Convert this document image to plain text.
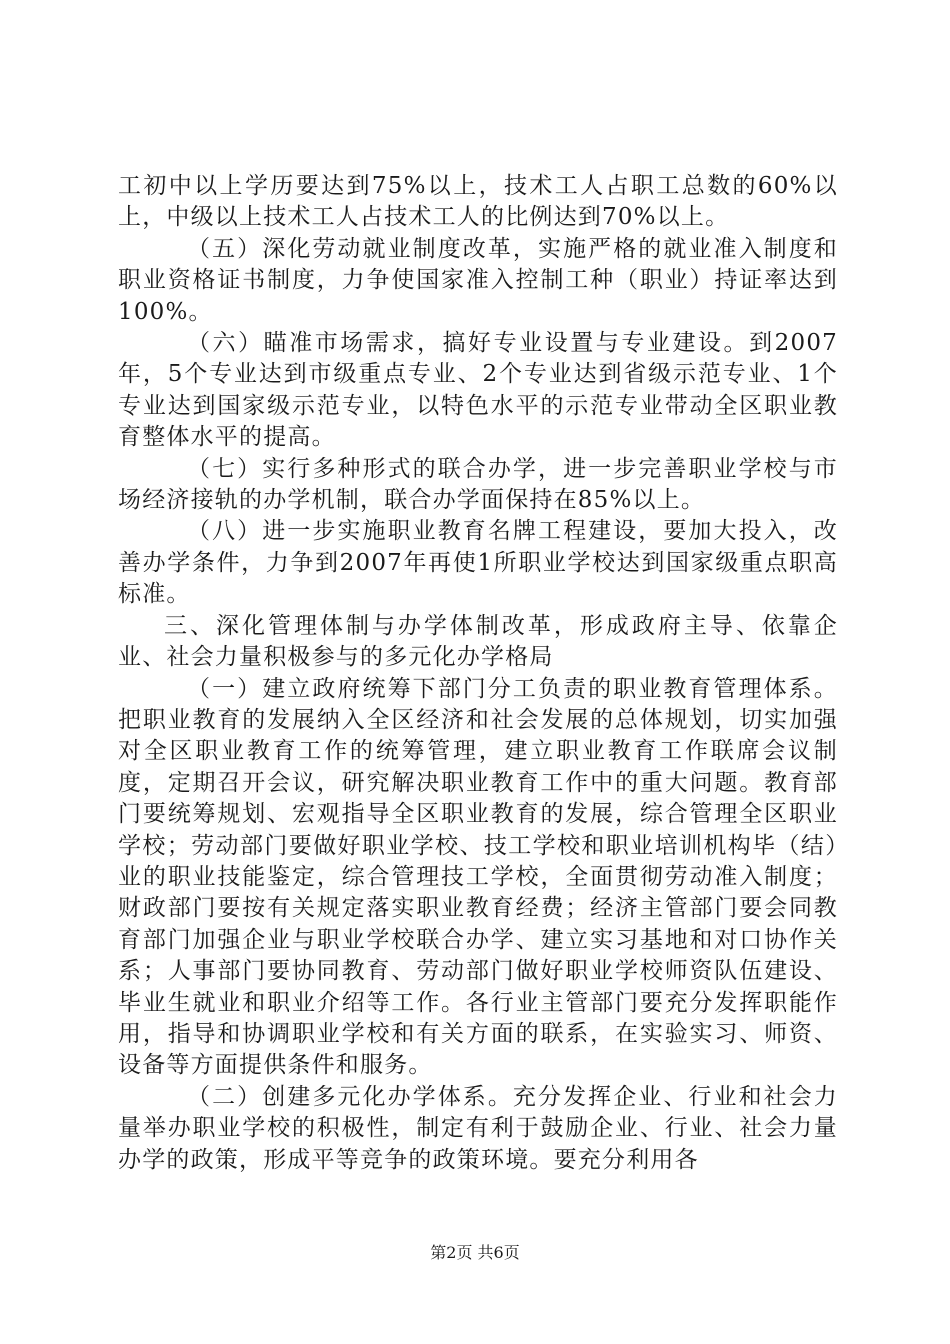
工初中以上学历要达到75%以上，技术工人占职工总数的60%以上，中级以上技术工人占技术工人的比例达到70%以上。

（五）深化劳动就业制度改革，实施严格的就业准入制度和职业资格证书制度，力争使国家准入控制工种（职业）持证率达到100%。

（六）瞄准市场需求，搞好专业设置与专业建设。到2007年，5个专业达到市级重点专业、2个专业达到省级示范专业、1个专业达到国家级示范专业，以特色水平的示范专业带动全区职业教育整体水平的提高。

（七）实行多种形式的联合办学，进一步完善职业学校与市场经济接轨的办学机制，联合办学面保持在85%以上。

（八）进一步实施职业教育名牌工程建设，要加大投入，改善办学条件，力争到2007年再使1所职业学校达到国家级重点职高标准。

三、深化管理体制与办学体制改革，形成政府主导、依靠企业、社会力量积极参与的多元化办学格局

（一）建立政府统筹下部门分工负责的职业教育管理体系。把职业教育的发展纳入全区经济和社会发展的总体规划，切实加强对全区职业教育工作的统筹管理，建立职业教育工作联席会议制度，定期召开会议，研究解决职业教育工作中的重大问题。教育部门要统筹规划、宏观指导全区职业教育的发展，综合管理全区职业学校；劳动部门要做好职业学校、技工学校和职业培训机构毕（结）业的职业技能鉴定，综合管理技工学校，全面贯彻劳动准入制度；财政部门要按有关规定落实职业教育经费；经济主管部门要会同教育部门加强企业与职业学校联合办学、建立实习基地和对口协作关系；人事部门要协同教育、劳动部门做好职业学校师资队伍建设、毕业生就业和职业介绍等工作。各行业主管部门要充分发挥职能作用，指导和协调职业学校和有关方面的联系，在实验实习、师资、设备等方面提供条件和服务。

（二）创建多元化办学体系。充分发挥企业、行业和社会力量举办职业学校的积极性，制定有利于鼓励企业、行业、社会力量办学的政策，形成平等竞争的政策环境。要充分利用各

第2页 共6页
